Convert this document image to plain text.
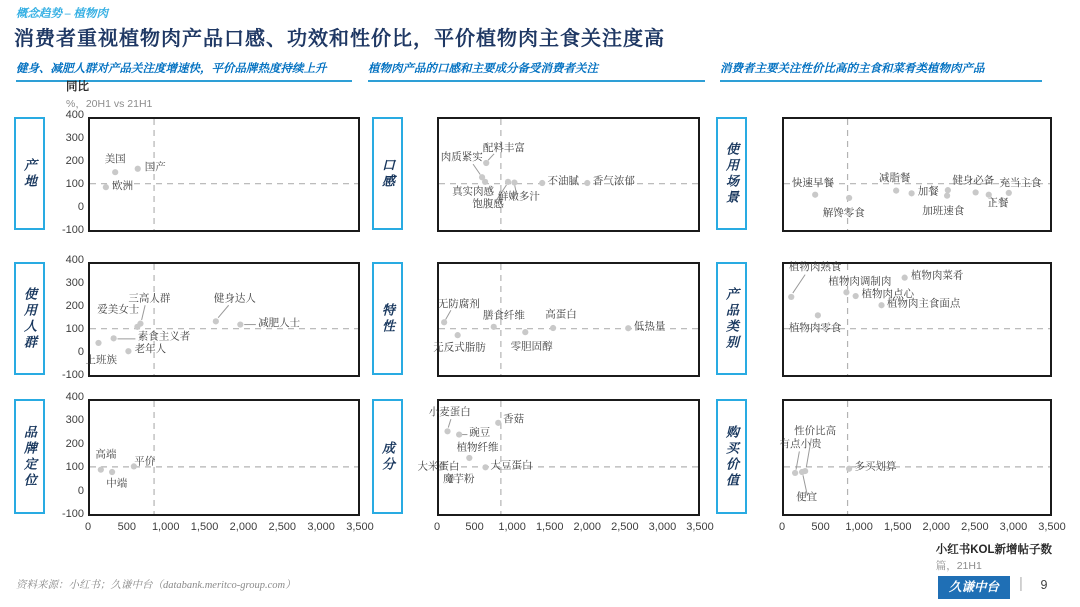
概念趋势 – 植物肉
消费者重视植物肉产品口感、功效和性价比，平价植物肉主食关注度高
健身、减肥人群对产品关注度增速快，平价品牌热度持续上升	植物肉产品的口感和主要成分备受消费者关注	消费者主要关注性价比高的主食和菜肴类植物肉产品
同比
%，20H1 vs 21H1
产地	美国
国产
欧洲	口感
肉质紧实
配料丰富
真实肉感
饱腹感
鲜嫩多汁
不油腻 香气浓郁	使用场景	快速早餐
解馋零食
减脂餐
加餐
加班速食
健身必备
正餐
充当主食
使用人群	爱美女士
三高人群	健身达人
减肥人士
素食主义者
老年人
上班族
特性	无防腐剂
无反式脂肪
膳食纤维
零胆固醇
高蛋白
低热量	产品类别
植物肉熟食
植物肉菜肴
植物肉调制肉
植物肉点心
植物肉主食面点
植物肉零食
品牌定位	高端
中端
平价	成分
小麦蛋白
豌豆
香菇
植物纤维
大米蛋白	大豆蛋白
魔芋粉	购买价值	性价比高
有点小贵
便宜
多买划算
400
300
200
100
0
-100
400
300
200
100
0
-100
400
300
200
100
0
-100
0	500	1,000	1,500	2,000	2,500	3,000	3,500	0	500	1,000 1,500 2,000 2,500 3,000 3,500	0	500	1,000	1,500	2,000	2,500	3,000	3,500
小红书KOL新增帖子数
篇，21H1
资料来源：小红书；久谦中台（databank.meritco-group.com）	久谦中台	|	9
